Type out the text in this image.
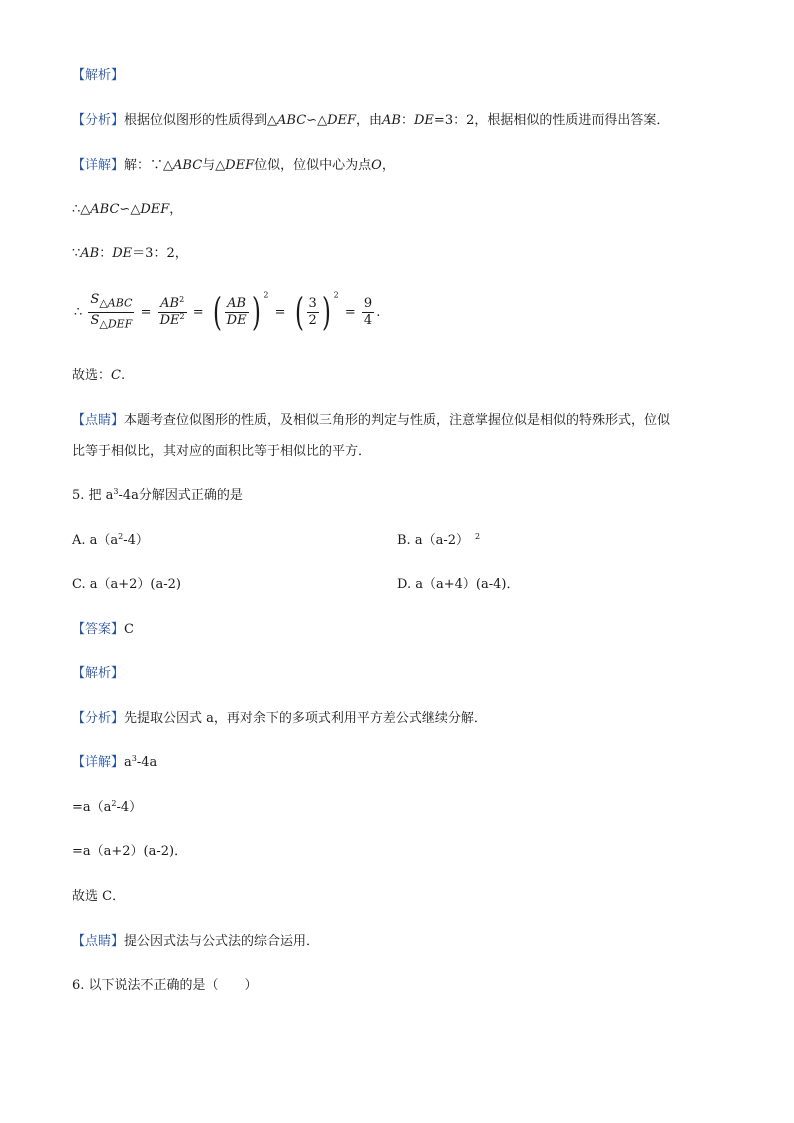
【解析】
【分析】根据位似图形的性质得到△ABC∽△DEF，由AB：DE=3：2，根据相似的性质进而得出答案．
【详解】解：∵△ABC与△DEF位似，位似中心为点O，
∴△ABC∽△DEF，
∵AB：DE＝3：2，
∴ $\frac{S_{\triangle ABC}}{S_{\triangle DEF}} = \frac{AB^2}{DE^2}$ = ( $\frac{AB}{DE}$ ) $^2$ = ( $\frac{3}{2}$ ) $^2 = \frac{9}{4}$ .
故选：C.
【点睛】本题考查位似图形的性质，及相似三角形的判定与性质，注意掌握位似是相似的特殊形式，位似
比等于相似比，其对应的面积比等于相似比的平方．
5. 把 $a^3-4a$分解因式正确的是
A. $a(a^2-4)$	B. a（a-2） $^2$
C. a（a+2）(a-2)	D. a（a+4）(a-4)．
【答案】C
【解析】
【分析】先提取公因式 a，再对余下的多项式利用平方差公式继续分解．
【详解】$a^3-4a$
$=a(a^2-4)$
=a（a+2）(a-2)．
故选 C．
【点睛】提公因式法与公式法的综合运用．
6. 以下说法不正确的是（　　）
